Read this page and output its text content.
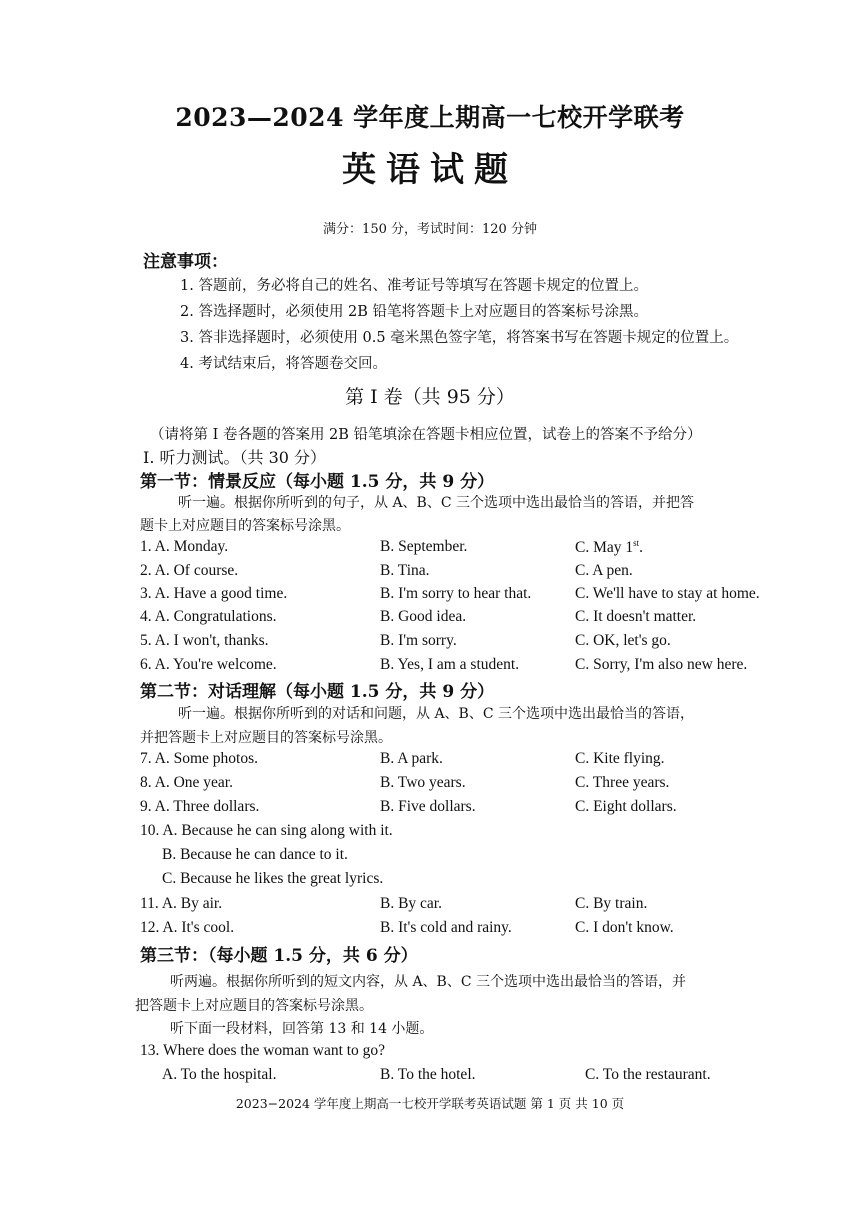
2023—2024 学年度上期高一七校开学联考
英语试题
满分：150 分，考试时间：120 分钟
注意事项：
1. 答题前，务必将自己的姓名、准考证号等填写在答题卡规定的位置上。
2. 答选择题时，必须使用 2B 铅笔将答题卡上对应题目的答案标号涂黑。
3. 答非选择题时，必须使用 0.5 毫米黑色签字笔，将答案书写在答题卡规定的位置上。
4. 考试结束后，将答题卷交回。
第 I 卷（共 95 分）
（请将第 I 卷各题的答案用 2B 铅笔填涂在答题卡相应位置，试卷上的答案不予给分）
I. 听力测试。（共 30 分）
第一节：情景反应（每小题 1.5 分，共 9 分）
听一遍。根据你所听到的句子，从 A、B、C 三个选项中选出最恰当的答语，并把答
题卡上对应题目的答案标号涂黑。
1. A. Monday.	B. September.	C. May 1st.
2. A. Of course.	B. Tina.	C. A pen.
3. A. Have a good time.	B. I'm sorry to hear that.	C. We'll have to stay at home.
4. A. Congratulations.	B. Good idea.	C. It doesn't matter.
5. A. I won't, thanks.	B. I'm sorry.	C. OK, let's go.
6. A. You're welcome.	B. Yes, I am a student.	C. Sorry, I'm also new here.
第二节：对话理解（每小题 1.5 分，共 9 分）
听一遍。根据你所听到的对话和问题，从 A、B、C 三个选项中选出最恰当的答语，
并把答题卡上对应题目的答案标号涂黑。
7. A. Some photos.	B. A park.	C. Kite flying.
8. A. One year.	B. Two years.	C. Three years.
9. A. Three dollars.	B. Five dollars.	C. Eight dollars.
10. A. Because he can sing along with it.
B. Because he can dance to it.
C. Because he likes the great lyrics.
11. A. By air.	B. By car.	C. By train.
12. A. It's cool.	B. It's cold and rainy.	C. I don't know.
第三节：（每小题 1.5 分，共 6 分）
听两遍。根据你所听到的短文内容，从 A、B、C 三个选项中选出最恰当的答语，并
把答题卡上对应题目的答案标号涂黑。
听下面一段材料，回答第 13 和 14 小题。
13. Where does the woman want to go?
A. To the hospital.	B. To the hotel.	C. To the restaurant.
2023−2024 学年度上期高一七校开学联考英语试题 第 1 页 共 10 页
